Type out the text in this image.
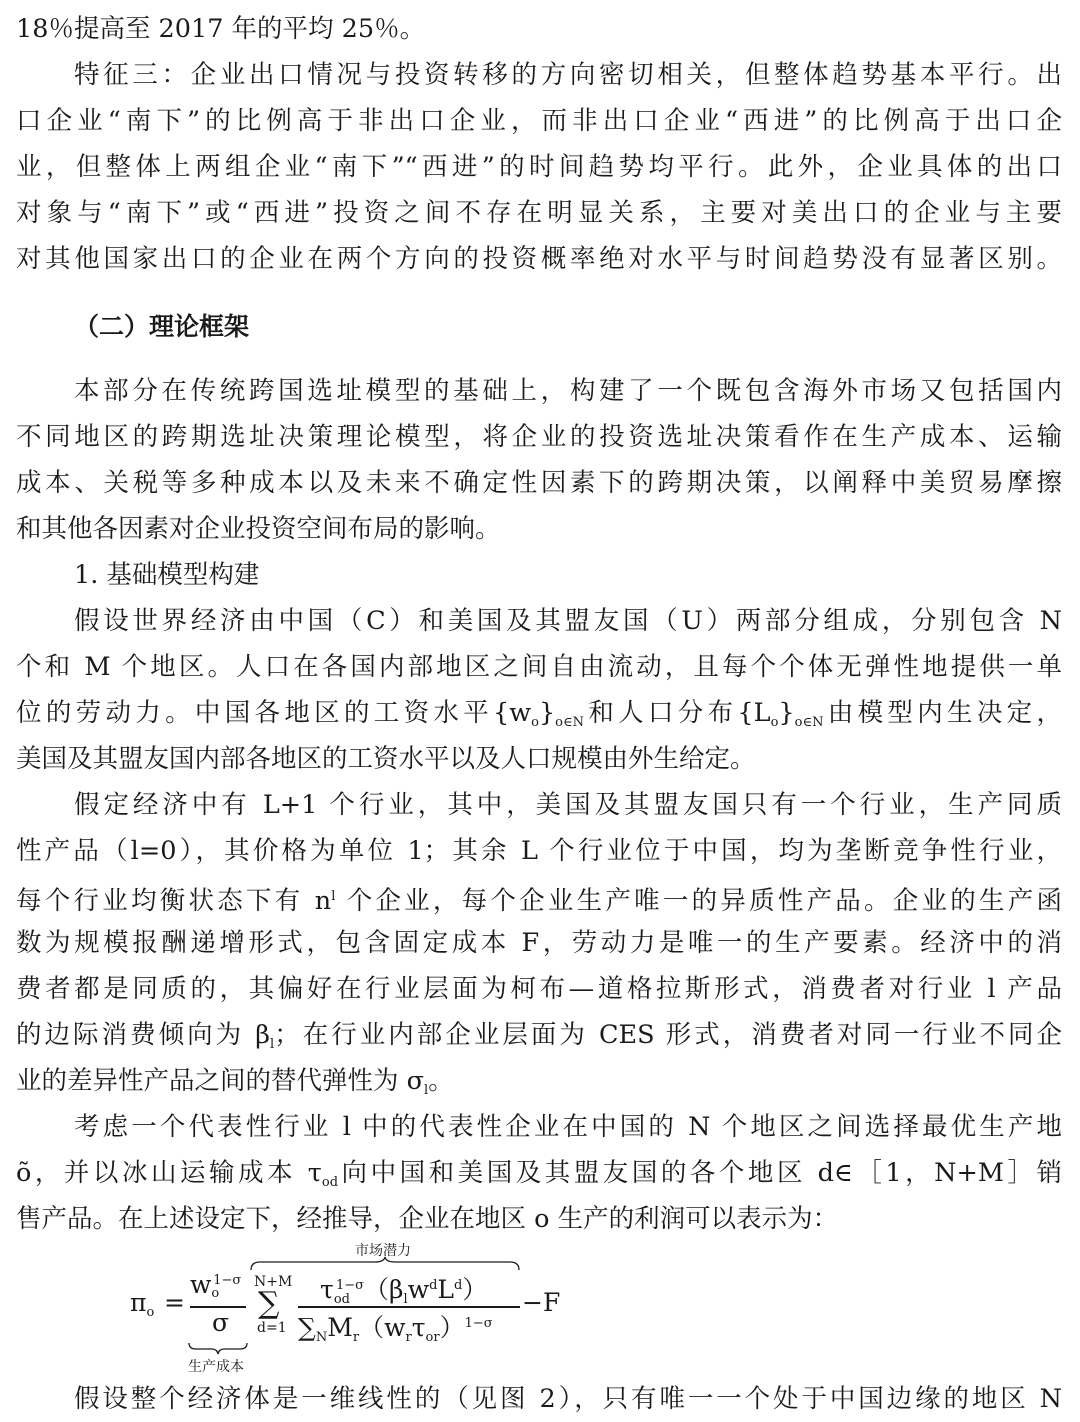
18％提高至 2017 年的平均 25％。
特征三：企业出口情况与投资转移的方向密切相关，但整体趋势基本平行。出
口企业“南下”的比例高于非出口企业，而非出口企业“西进”的比例高于出口企
业，但整体上两组企业“南下”“西进”的时间趋势均平行。此外，企业具体的出口
对象与“南下”或“西进”投资之间不存在明显关系，主要对美出口的企业与主要
对其他国家出口的企业在两个方向的投资概率绝对水平与时间趋势没有显著区别。
（二）理论框架
本部分在传统跨国选址模型的基础上，构建了一个既包含海外市场又包括国内
不同地区的跨期选址决策理论模型，将企业的投资选址决策看作在生产成本、运输
成本、关税等多种成本以及未来不确定性因素下的跨期决策，以阐释中美贸易摩擦
和其他各因素对企业投资空间布局的影响。
1. 基础模型构建
假设世界经济由中国（C）和美国及其盟友国（U）两部分组成，分别包含 N
个和 M 个地区。人口在各国内部地区之间自由流动，且每个个体无弹性地提供一单
位的劳动力。中国各地区的工资水平$\{w_o\}_{o\in N}$和人口分布$\{L_o\}_{o\in N}$由模型内生决定，
美国及其盟友国内部各地区的工资水平以及人口规模由外生给定。
假定经济中有 L+1 个行业，其中，美国及其盟友国只有一个行业，生产同质
性产品（l=0），其价格为单位 1；其余 L 个行业位于中国，均为垄断竞争性行业，
每个行业均衡状态下有 $n^l$ 个企业，每个企业生产唯一的异质性产品。企业的生产函
数为规模报酬递增形式，包含固定成本 F，劳动力是唯一的生产要素。经济中的消
费者都是同质的，其偏好在行业层面为柯布—道格拉斯形式，消费者对行业 l 产品
的边际消费倾向为 $\beta_l$；在行业内部企业层面为 CES 形式，消费者对同一行业不同企
业的差异性产品之间的替代弹性为 $\sigma_l$。
考虑一个代表性行业 l 中的代表性企业在中国的 N 个地区之间选择最优生产地
õ，并以冰山运输成本 $\tau_{od}$向中国和美国及其盟友国的各个地区 d∈［1，N+M］销
售产品。在上述设定下，经推导，企业在地区 o 生产的利润可以表示为：
市场潜力
$\pi_o$ =
$w_o^{1-\sigma}$
σ
生产成本
N+M
∑
d=1
$\tau_{od}^{1-\sigma}(\beta_lw^dL^d)$
$\sum_NM_r(w_r\tau_{or})^{1-\sigma}$
−F
假设整个经济体是一维线性的（见图 2），只有唯一一个处于中国边缘的地区 N
